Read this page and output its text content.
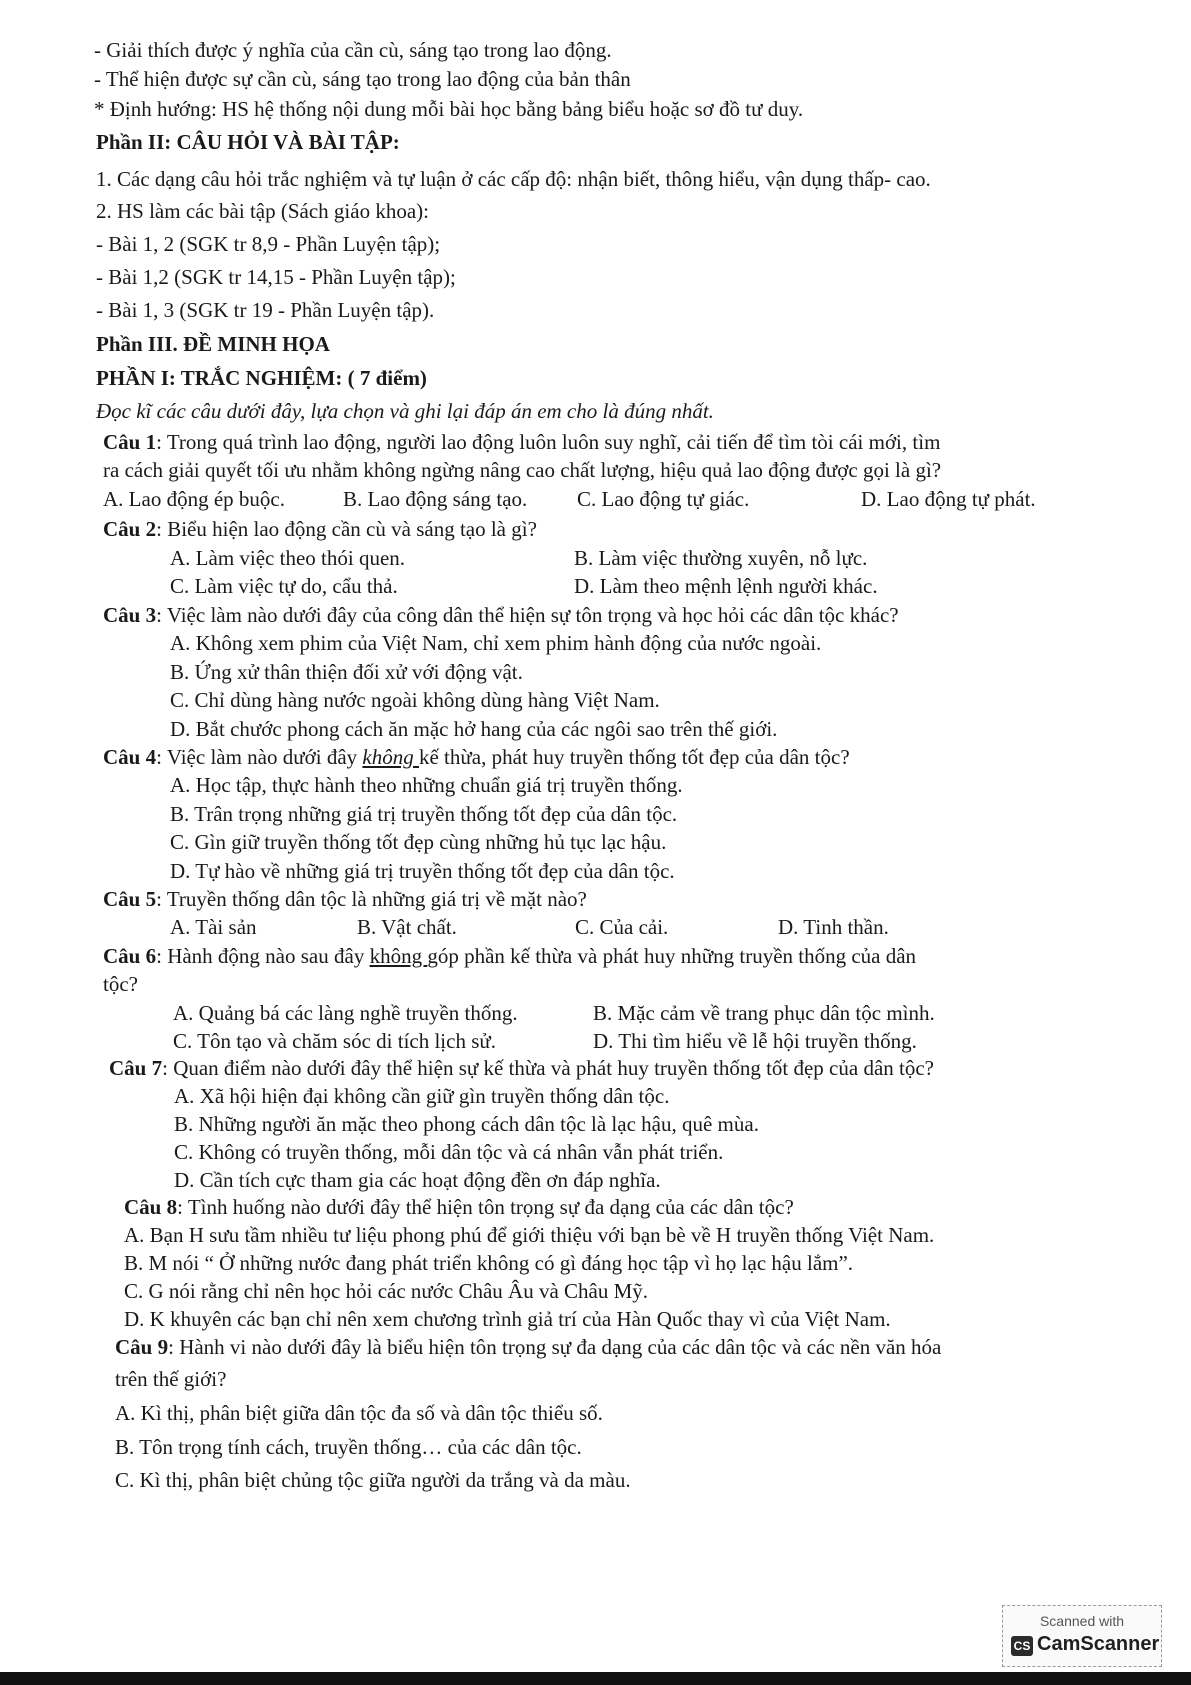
- Giải thích được ý nghĩa của cần cù, sáng tạo trong lao động.
- Thể hiện được sự cần cù, sáng tạo trong lao động của bản thân
* Định hướng: HS hệ thống nội dung mỗi bài học bằng bảng biểu hoặc sơ đồ tư duy.
Phần II: CÂU HỎI VÀ BÀI TẬP:
1. Các dạng câu hỏi trắc nghiệm và tự luận ở các cấp độ: nhận biết, thông hiểu, vận dụng thấp- cao.
2. HS làm các bài tập (Sách giáo khoa):
- Bài 1, 2 (SGK tr 8,9 - Phần Luyện tập);
- Bài 1,2 (SGK tr 14,15 - Phần Luyện tập);
- Bài 1, 3 (SGK tr 19 - Phần Luyện tập).
Phần III. ĐỀ MINH HỌA
PHẦN I: TRẮC NGHIỆM: ( 7 điểm)
Đọc kĩ các câu dưới đây, lựa chọn và ghi lại đáp án em cho là đúng nhất.
Câu 1: Trong quá trình lao động, người lao động luôn luôn suy nghĩ, cải tiến để tìm tòi cái mới, tìm
ra cách giải quyết tối ưu nhằm không ngừng nâng cao chất lượng, hiệu quả lao động được gọi là gì?
A. Lao động ép buộc.	B. Lao động sáng tạo. C. Lao động tự giác.	D. Lao động tự phát.
Câu 2: Biểu hiện lao động cần cù và sáng tạo là gì?
A. Làm việc theo thói quen.	B. Làm việc thường xuyên, nỗ lực.
C. Làm việc tự do, cẩu thả.	D. Làm theo mệnh lệnh người khác.
Câu 3: Việc làm nào dưới đây của công dân thể hiện sự tôn trọng và học hỏi các dân tộc khác?
A. Không xem phim của Việt Nam, chỉ xem phim hành động của nước ngoài.
B. Ứng xử thân thiện đối xử với động vật.
C. Chỉ dùng hàng nước ngoài không dùng hàng Việt Nam.
D. Bắt chước phong cách ăn mặc hở hang của các ngôi sao trên thế giới.
Câu 4: Việc làm nào dưới đây không kế thừa, phát huy truyền thống tốt đẹp của dân tộc?
A. Học tập, thực hành theo những chuẩn giá trị truyền thống.
B. Trân trọng những giá trị truyền thống tốt đẹp của dân tộc.
C. Gìn giữ truyền thống tốt đẹp cùng những hủ tục lạc hậu.
D. Tự hào về những giá trị truyền thống tốt đẹp của dân tộc.
Câu 5: Truyền thống dân tộc là những giá trị về mặt nào?
A. Tài sản	B. Vật chất.	C. Của cải.	D. Tinh thần.
Câu 6: Hành động nào sau đây không góp phần kế thừa và phát huy những truyền thống của dân
tộc?
A. Quảng bá các làng nghề truyền thống.	B. Mặc cảm về trang phục dân tộc mình.
C. Tôn tạo và chăm sóc di tích lịch sử.	D. Thi tìm hiểu về lễ hội truyền thống.
Câu 7: Quan điểm nào dưới đây thể hiện sự kế thừa và phát huy truyền thống tốt đẹp của dân tộc?
A. Xã hội hiện đại không cần giữ gìn truyền thống dân tộc.
B. Những người ăn mặc theo phong cách dân tộc là lạc hậu, quê mùa.
C. Không có truyền thống, mỗi dân tộc và cá nhân vẫn phát triển.
D. Cần tích cực tham gia các hoạt động đền ơn đáp nghĩa.
Câu 8: Tình huống nào dưới đây thể hiện tôn trọng sự đa dạng của các dân tộc?
A. Bạn H sưu tầm nhiều tư liệu phong phú để giới thiệu với bạn bè về H truyền thống Việt Nam.
B. M nói “ Ở những nước đang phát triển không có gì đáng học tập vì họ lạc hậu lắm”.
C. G nói rằng chỉ nên học hỏi các nước Châu Âu và Châu Mỹ.
D. K khuyên các bạn chỉ nên xem chương trình giả trí của Hàn Quốc thay vì của Việt Nam.
Câu 9: Hành vi nào dưới đây là biểu hiện tôn trọng sự đa dạng của các dân tộc và các nền văn hóa
trên thế giới?
A. Kì thị, phân biệt giữa dân tộc đa số và dân tộc thiểu số.
B. Tôn trọng tính cách, truyền thống… của các dân tộc.
C. Kì thị, phân biệt chủng tộc giữa người da trắng và da màu.
Scanned with
CS CamScanner
